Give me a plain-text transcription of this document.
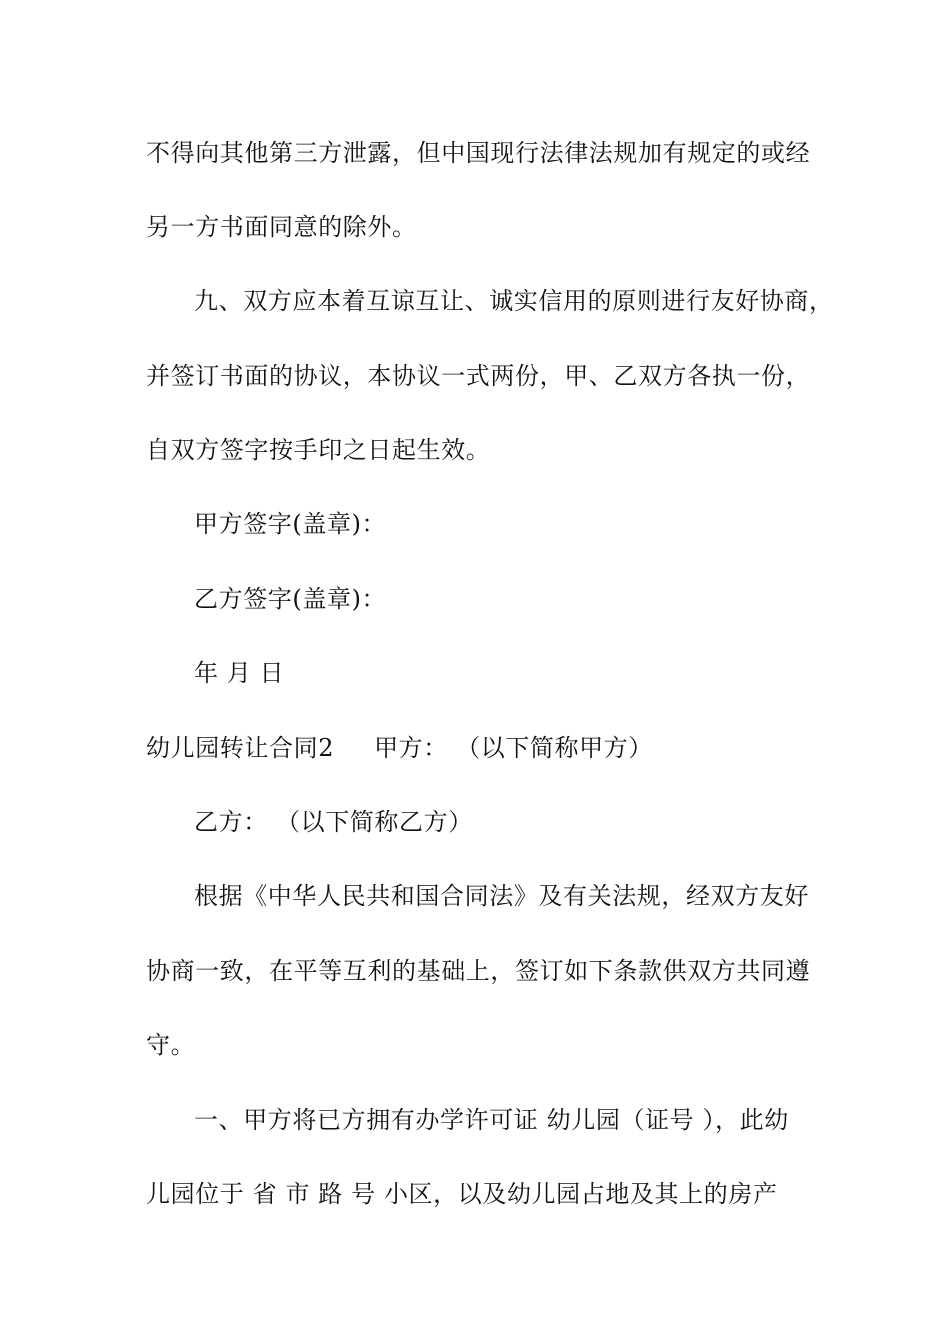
不得向其他第三方泄露，但中国现行法律法规加有规定的或经
另一方书面同意的除外。
九、双方应本着互谅互让、诚实信用的原则进行友好协商，
并签订书面的协议，本协议一式两份，甲、乙双方各执一份，
自双方签字按手印之日起生效。
甲方签字(盖章)：
乙方签字(盖章)：
年 月 日
幼儿园转让合同2 甲方： （以下简称甲方）
乙方： （以下简称乙方）
根据《中华人民共和国合同法》及有关法规，经双方友好
协商一致，在平等互利的基础上，签订如下条款供双方共同遵
守。
一、甲方将已方拥有办学许可证 幼儿园（证号 ），此幼
儿园位于 省 市 路 号 小区，以及幼儿园占地及其上的房产
